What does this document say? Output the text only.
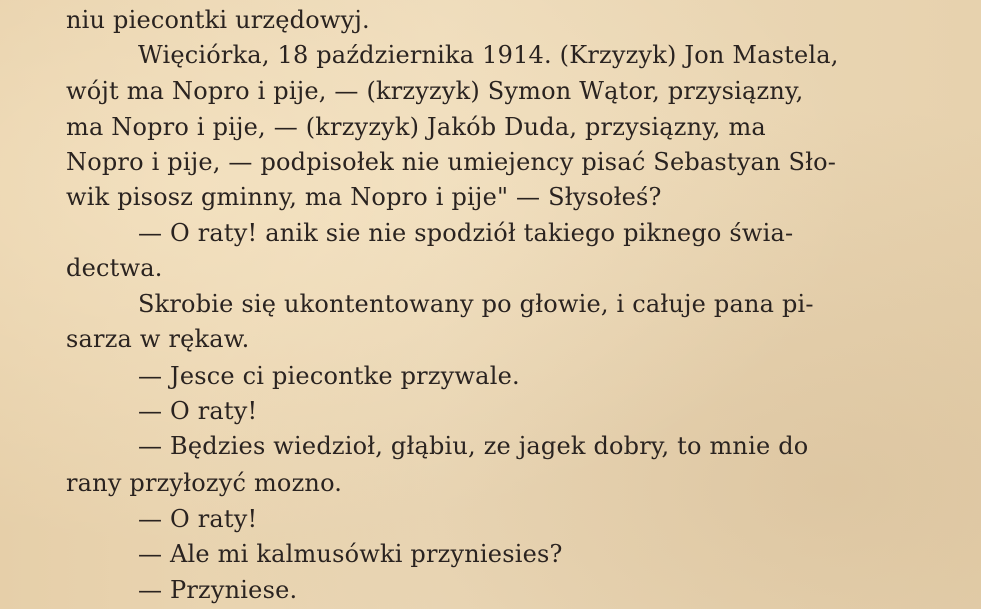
niu piecontki urzędowyj.
Więciórka, 18 października 1914. (Krzyzyk) Jon Mastela,
wójt ma Nopro i pije, — (krzyzyk) Symon Wątor, przysiązny,
ma Nopro i pije, — (krzyzyk) Jakób Duda, przysiązny, ma
Nopro i pije, — podpisołek nie umiejency pisać Sebastyan Sło-
wik pisosz gminny, ma Nopro i pije" — Słysołeś?
— O raty! anik sie nie spodziół takiego piknego świa-
dectwa.
Skrobie się ukontentowany po głowie, i całuje pana pi-
sarza w rękaw.
— Jesce ci piecontke przywale.
— O raty!
— Będzies wiedzioł, głąbiu, ze jagek dobry, to mnie do
rany przyłozyć mozno.
— O raty!
— Ale mi kalmusówki przyniesies?
— Przyniese.
